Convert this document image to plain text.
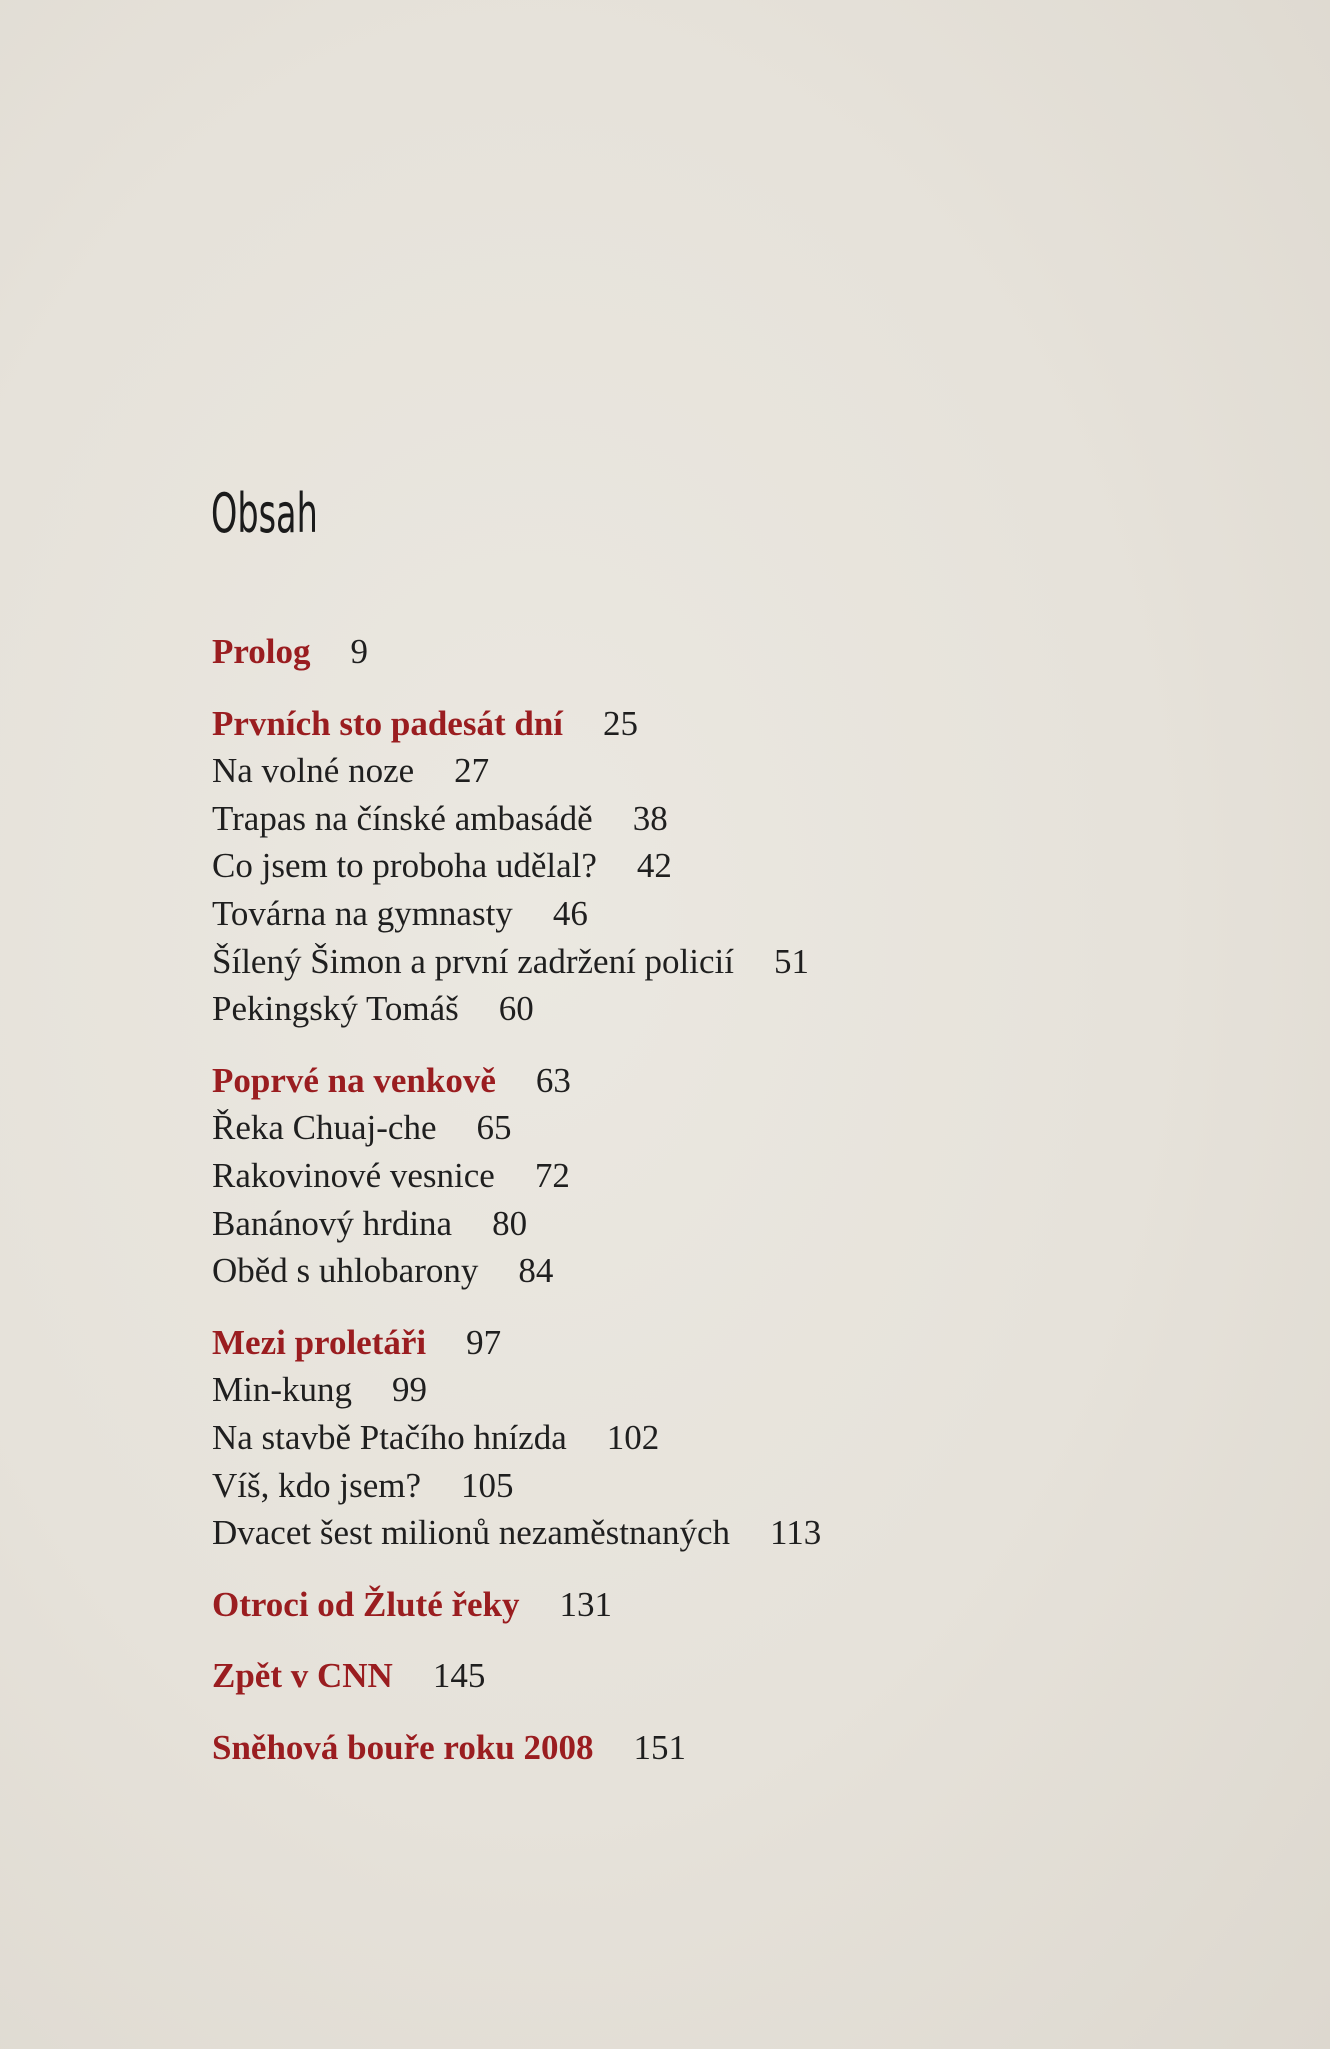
Obsah
Prolog 9
Prvních sto padesát dní 25
Na volné noze 27
Trapas na čínské ambasádě 38
Co jsem to proboha udělal? 42
Továrna na gymnasty 46
Šílený Šimon a první zadržení policií 51
Pekingský Tomáš 60
Poprvé na venkově 63
Řeka Chuaj-che 65
Rakovinové vesnice 72
Banánový hrdina 80
Oběd s uhlobarony 84
Mezi proletáři 97
Min-kung 99
Na stavbě Ptačího hnízda 102
Víš, kdo jsem? 105
Dvacet šest milionů nezaměstnaných 113
Otroci od Žluté řeky 131
Zpět v CNN 145
Sněhová bouře roku 2008 151
